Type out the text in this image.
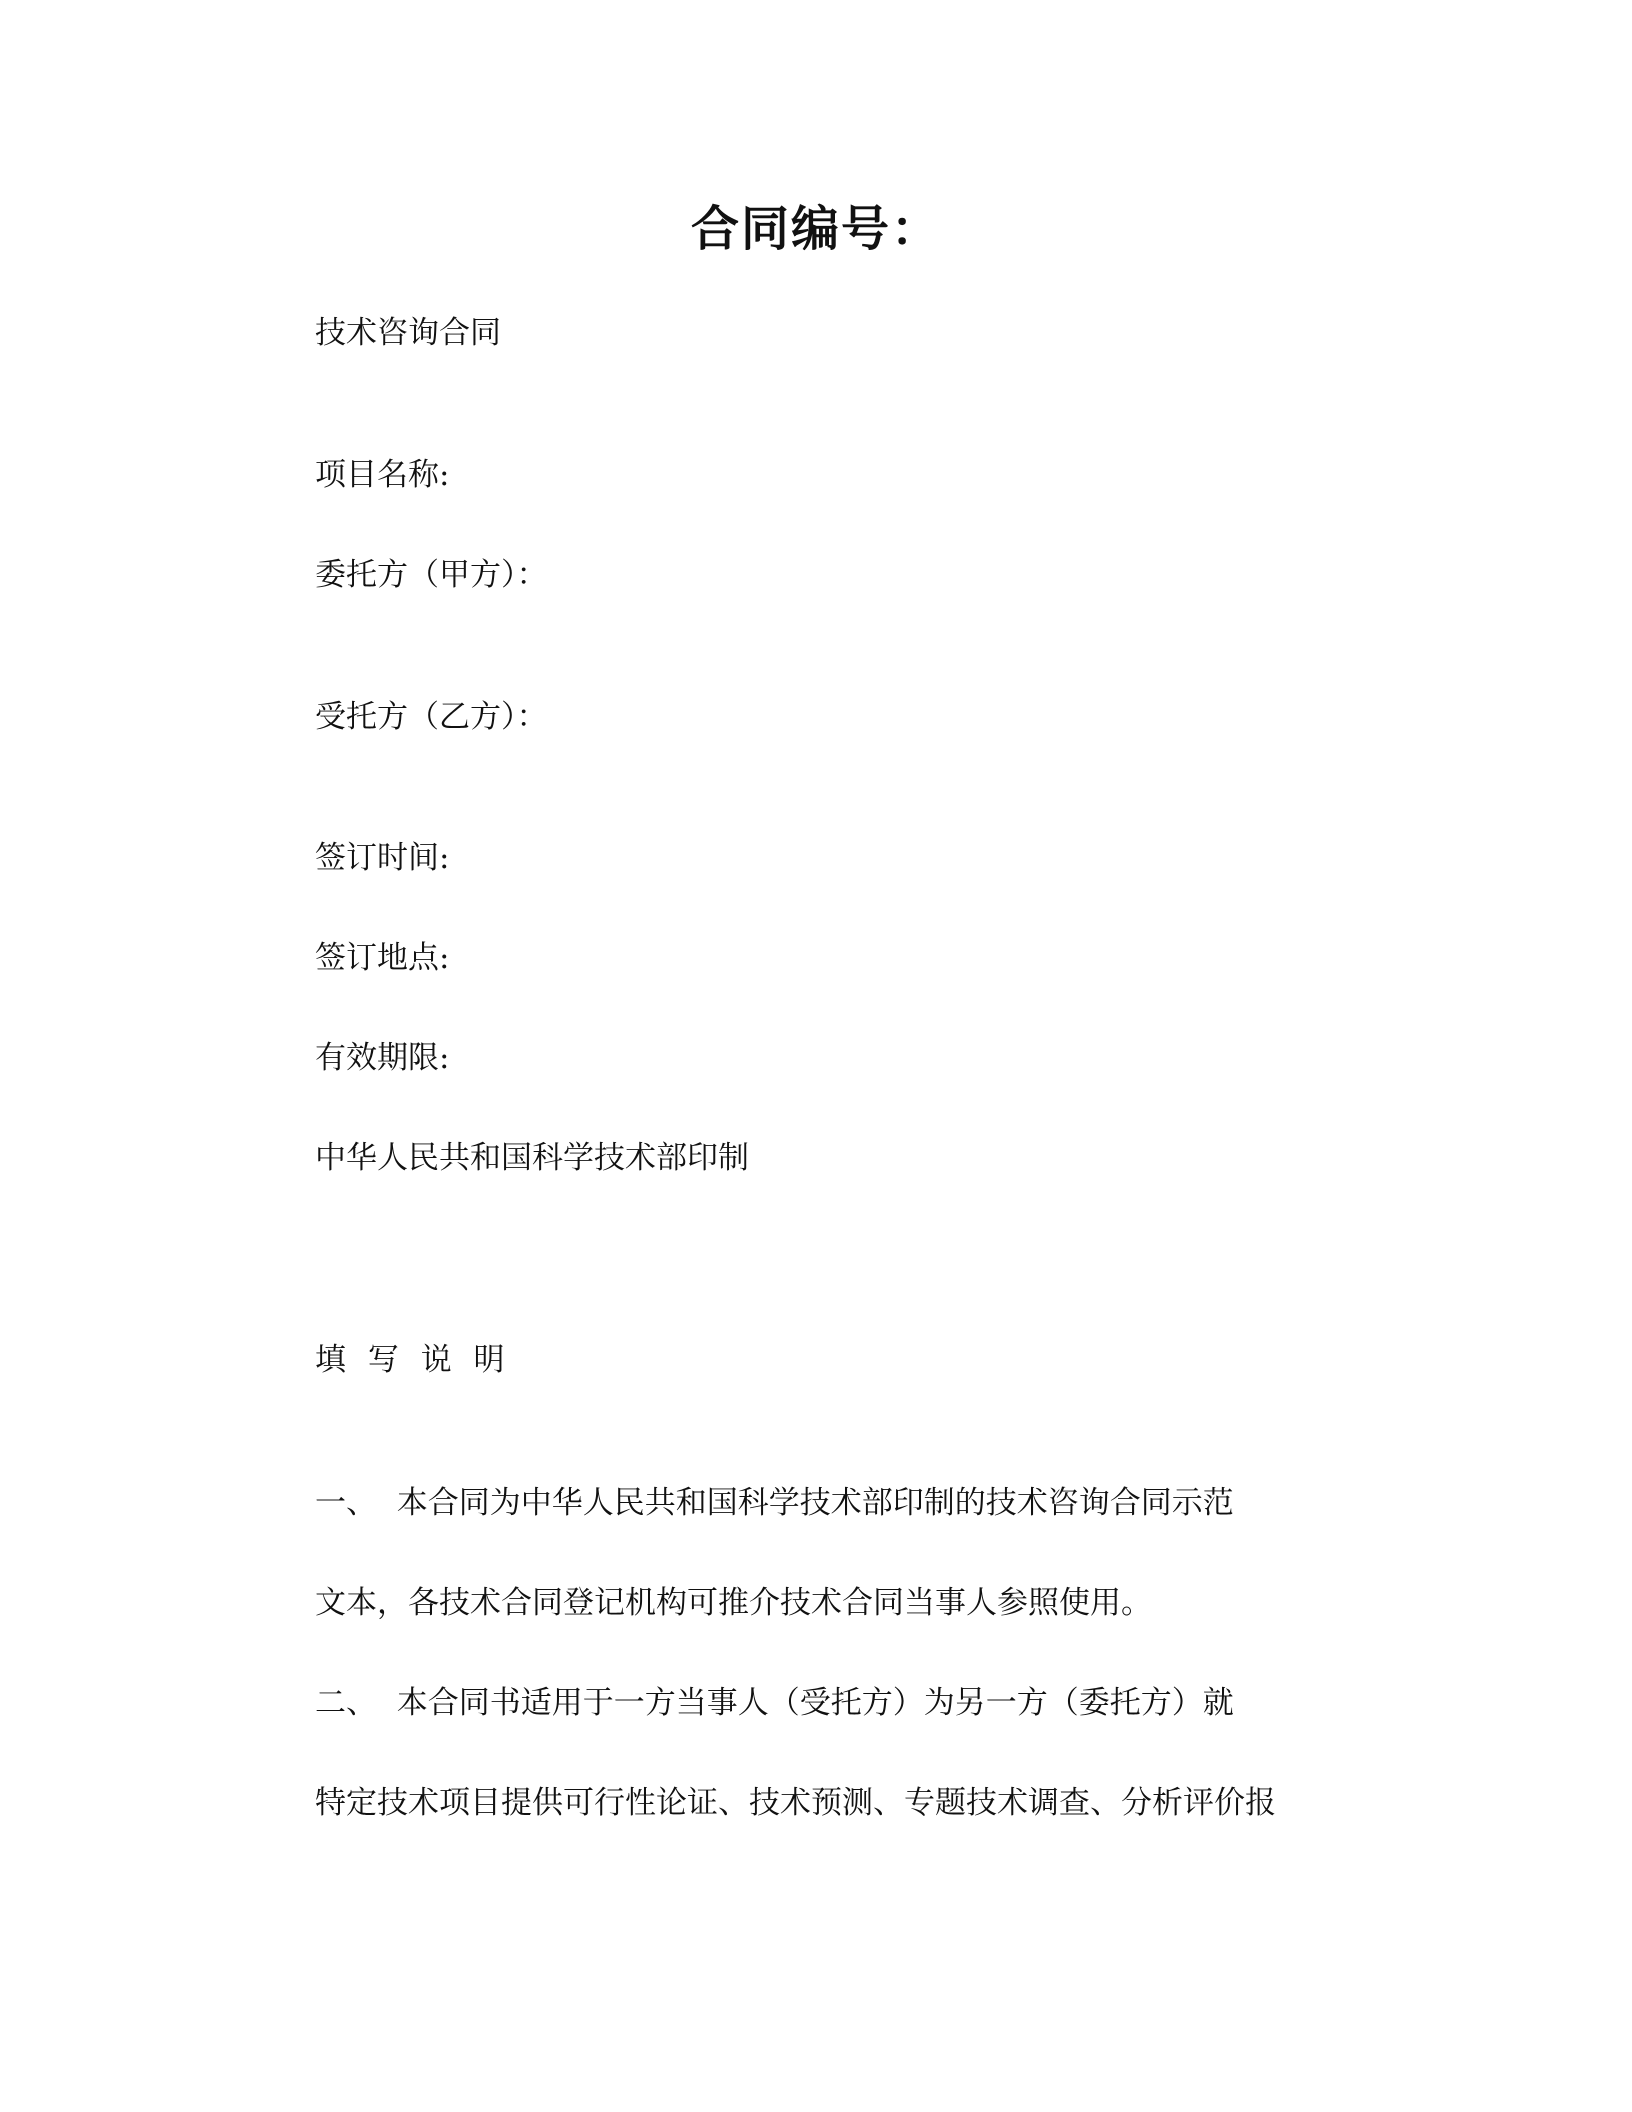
合同编号：
技术咨询合同
项目名称:
委托方（甲方）：
受托方（乙方）：
签订时间:
签订地点:
有效期限:
中华人民共和国科学技术部印制
填 写 说 明
一、  本合同为中华人民共和国科学技术部印制的技术咨询合同示范
文本，各技术合同登记机构可推介技术合同当事人参照使用。
二、  本合同书适用于一方当事人（受托方）为另一方（委托方）就
特定技术项目提供可行性论证、技术预测、专题技术调查、分析评价报
